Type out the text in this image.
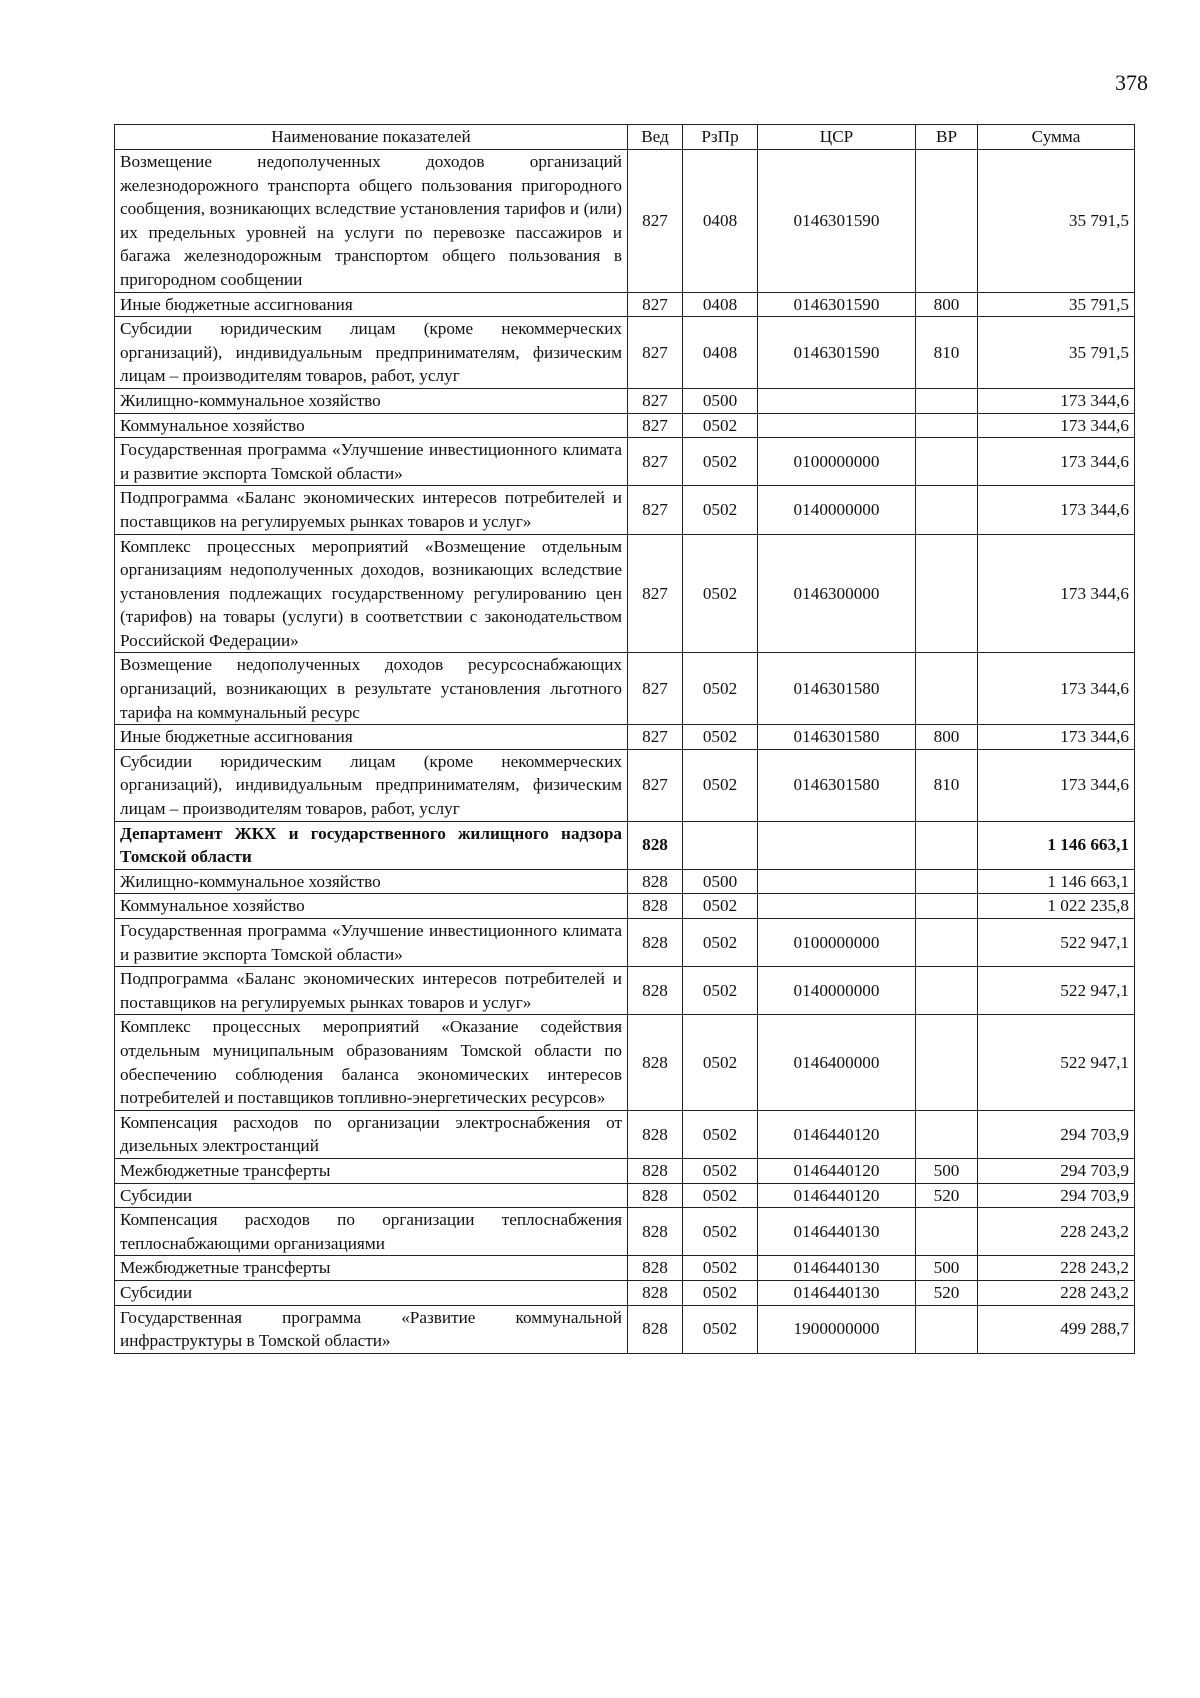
378
Наименование показателей	Вед	РзПр	ЦСР	ВР	Сумма
Возмещение недополученных доходов организаций железнодорожного транспорта общего пользования пригородного сообщения, возникающих вследствие установления тарифов и (или) их предельных уровней на услуги по перевозке пассажиров и багажа железнодорожным транспортом общего пользования в пригородном сообщении	827	0408	0146301590		35 791,5
Иные бюджетные ассигнования	827	0408	0146301590	800	35 791,5
Субсидии юридическим лицам (кроме некоммерческих организаций), индивидуальным предпринимателям, физическим лицам – производителям товаров, работ, услуг	827	0408	0146301590	810	35 791,5
Жилищно-коммунальное хозяйство	827	0500			173 344,6
Коммунальное хозяйство	827	0502			173 344,6
Государственная программа «Улучшение инвестиционного климата и развитие экспорта Томской области»	827	0502	0100000000		173 344,6
Подпрограмма «Баланс экономических интересов потребителей и поставщиков на регулируемых рынках товаров и услуг»	827	0502	0140000000		173 344,6
Комплекс процессных мероприятий «Возмещение отдельным организациям недополученных доходов, возникающих вследствие установления подлежащих государственному регулированию цен (тарифов) на товары (услуги) в соответствии с законодательством Российской Федерации»	827	0502	0146300000		173 344,6
Возмещение недополученных доходов ресурсоснабжающих организаций, возникающих в результате установления льготного тарифа на коммунальный ресурс	827	0502	0146301580		173 344,6
Иные бюджетные ассигнования	827	0502	0146301580	800	173 344,6
Субсидии юридическим лицам (кроме некоммерческих организаций), индивидуальным предпринимателям, физическим лицам – производителям товаров, работ, услуг	827	0502	0146301580	810	173 344,6
Департамент ЖКХ и государственного жилищного надзора Томской области	828				1 146 663,1
Жилищно-коммунальное хозяйство	828	0500			1 146 663,1
Коммунальное хозяйство	828	0502			1 022 235,8
Государственная программа «Улучшение инвестиционного климата и развитие экспорта Томской области»	828	0502	0100000000		522 947,1
Подпрограмма «Баланс экономических интересов потребителей и поставщиков на регулируемых рынках товаров и услуг»	828	0502	0140000000		522 947,1
Комплекс процессных мероприятий «Оказание содействия отдельным муниципальным образованиям Томской области по обеспечению соблюдения баланса экономических интересов потребителей и поставщиков топливно-энергетических ресурсов»	828	0502	0146400000		522 947,1
Компенсация расходов по организации электроснабжения от дизельных электростанций	828	0502	0146440120		294 703,9
Межбюджетные трансферты	828	0502	0146440120	500	294 703,9
Субсидии	828	0502	0146440120	520	294 703,9
Компенсация расходов по организации теплоснабжения теплоснабжающими организациями	828	0502	0146440130		228 243,2
Межбюджетные трансферты	828	0502	0146440130	500	228 243,2
Субсидии	828	0502	0146440130	520	228 243,2
Государственная программа «Развитие коммунальной инфраструктуры в Томской области»	828	0502	1900000000		499 288,7
